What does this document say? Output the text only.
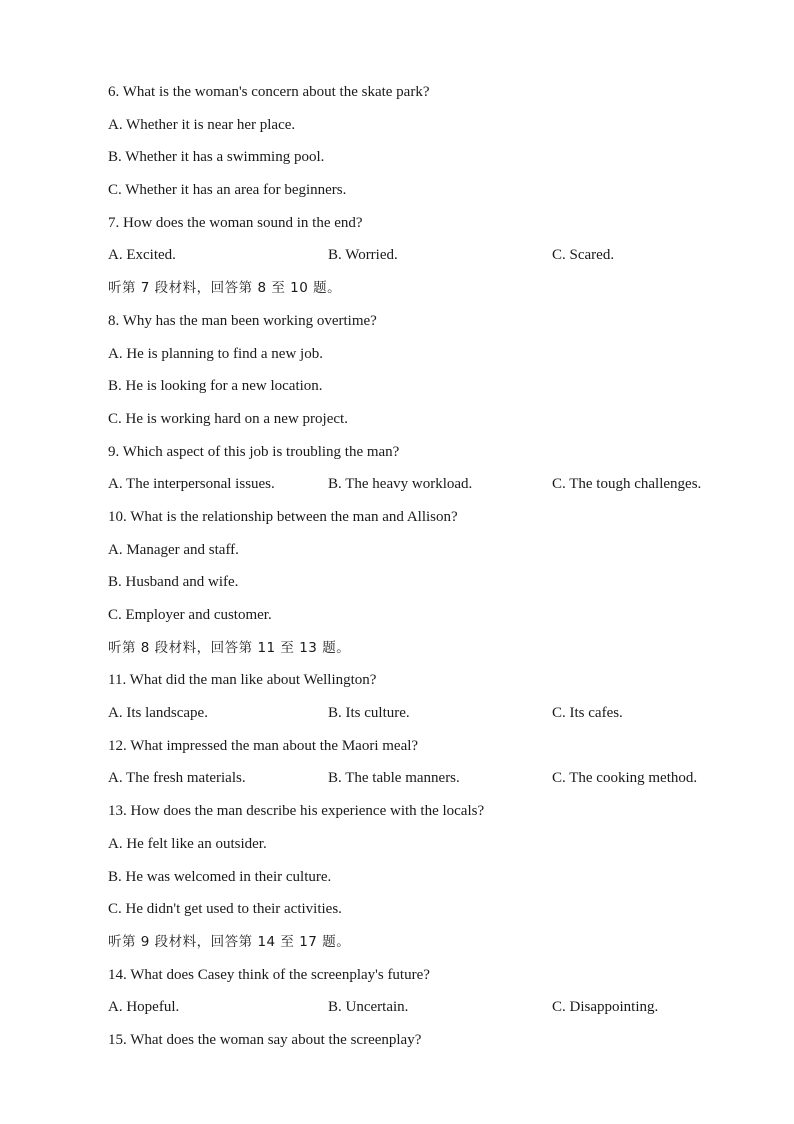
6. What is the woman's concern about the skate park?
A. Whether it is near her place.
B. Whether it has a swimming pool.
C. Whether it has an area for beginners.
7. How does the woman sound in the end?
A. Excited.	B. Worried.	C. Scared.
听第 7 段材料，回答第 8 至 10 题。
8. Why has the man been working overtime?
A. He is planning to find a new job.
B. He is looking for a new location.
C. He is working hard on a new project.
9. Which aspect of this job is troubling the man?
A. The interpersonal issues.	B. The heavy workload.	C. The tough challenges.
10. What is the relationship between the man and Allison?
A. Manager and staff.
B. Husband and wife.
C. Employer and customer.
听第 8 段材料，回答第 11 至 13 题。
11. What did the man like about Wellington?
A. Its landscape.	B. Its culture.	C. Its cafes.
12. What impressed the man about the Maori meal?
A. The fresh materials.	B. The table manners.	C. The cooking method.
13. How does the man describe his experience with the locals?
A. He felt like an outsider.
B. He was welcomed in their culture.
C. He didn't get used to their activities.
听第 9 段材料，回答第 14 至 17 题。
14. What does Casey think of the screenplay's future?
A. Hopeful.	B. Uncertain.	C. Disappointing.
15. What does the woman say about the screenplay?
